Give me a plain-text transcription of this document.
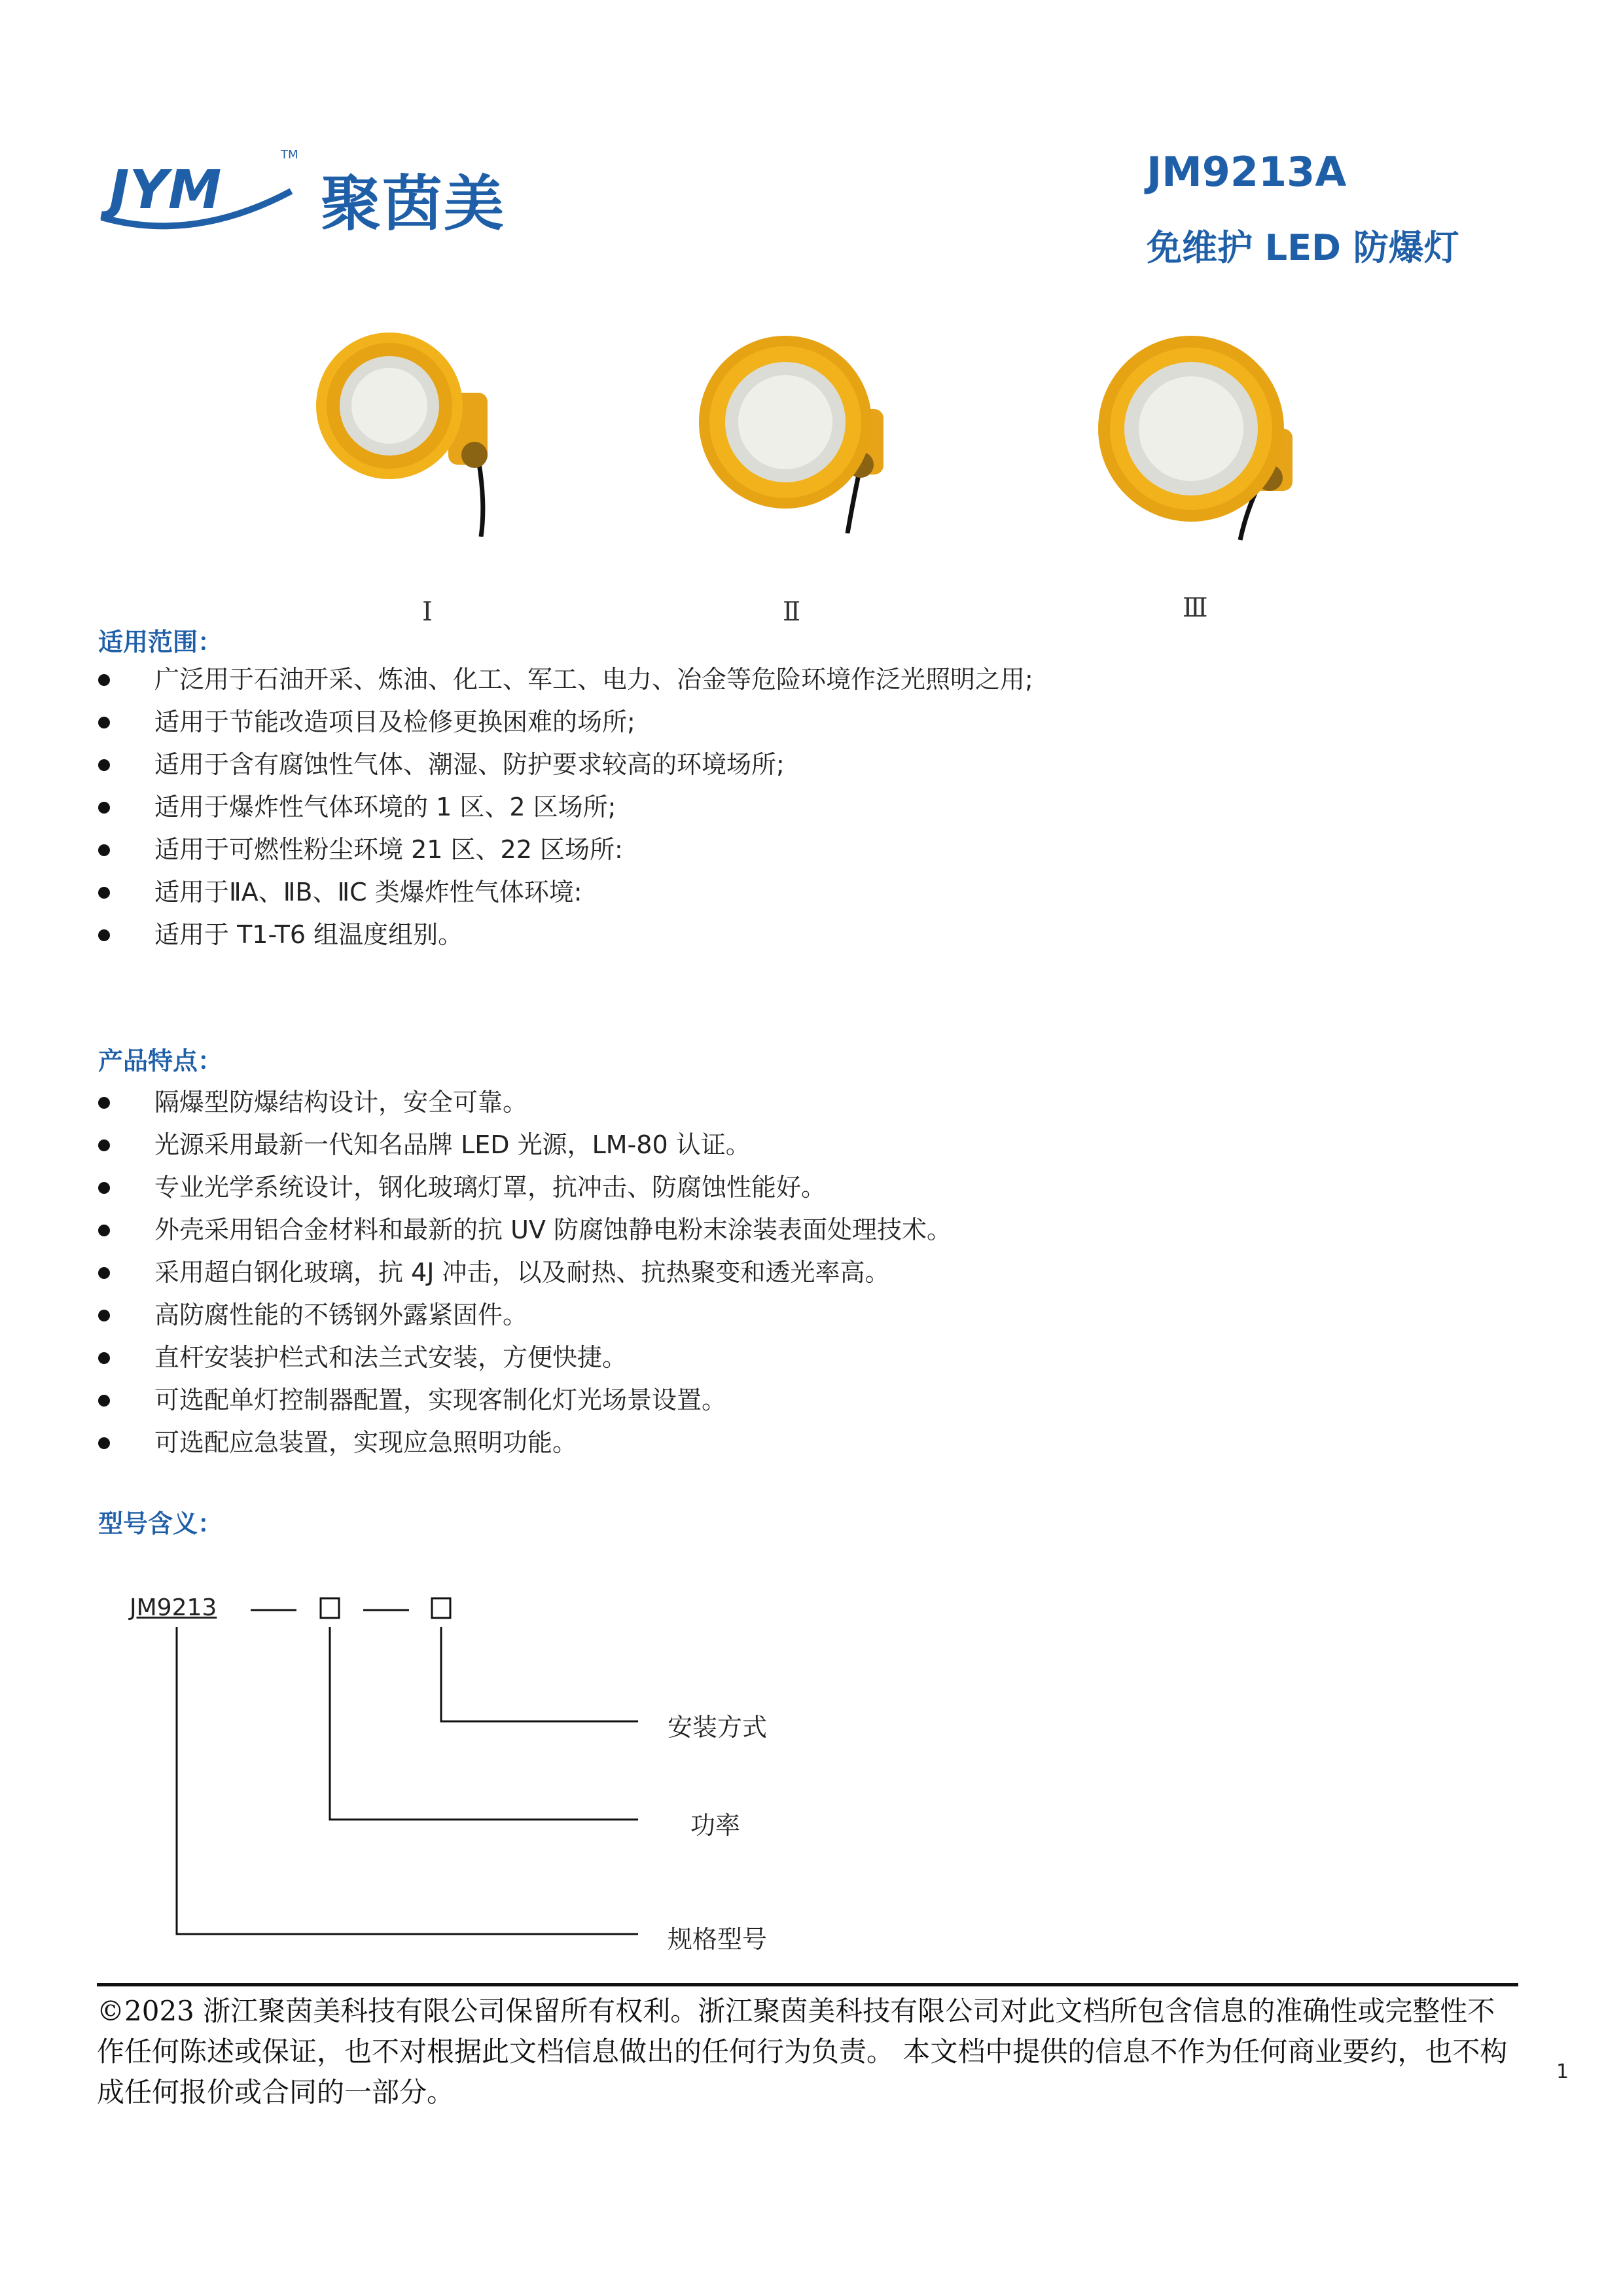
JYM
TM
聚茵美	JM9213A
免维护 LED 防爆灯
Ⅰ	Ⅱ	Ⅲ
适用范围：
广泛用于石油开采、炼油、化工、军工、电力、冶金等危险环境作泛光照明之用;
适用于节能改造项目及检修更换困难的场所;
适用于含有腐蚀性气体、潮湿、防护要求较高的环境场所;
适用于爆炸性气体环境的 1 区、2 区场所;
适用于可燃性粉尘环境 21 区、22 区场所:
适用于ⅡA、ⅡB、ⅡC 类爆炸性气体环境:
适用于 T1-T6 组温度组别。
产品特点：
隔爆型防爆结构设计，安全可靠。
光源采用最新一代知名品牌 LED 光源，LM-80 认证。
专业光学系统设计，钢化玻璃灯罩，抗冲击、防腐蚀性能好。
外壳采用铝合金材料和最新的抗 UV 防腐蚀静电粉末涂装表面处理技术。
采用超白钢化玻璃，抗 4J 冲击，以及耐热、抗热聚变和透光率高。
高防腐性能的不锈钢外露紧固件。
直杆安装护栏式和法兰式安装，方便快捷。
可选配单灯控制器配置，实现客制化灯光场景设置。
可选配应急装置，实现应急照明功能。
型号含义：
JM9213
安装方式
功率
规格型号
©2023 浙江聚茵美科技有限公司保留所有权利。浙江聚茵美科技有限公司对此文档所包含信息的准确性或完整性不作任何陈述或保证，也不对根据此文档信息做出的任何行为负责。 本文档中提供的信息不作为任何商业要约，也不构成任何报价或合同的一部分。
1
